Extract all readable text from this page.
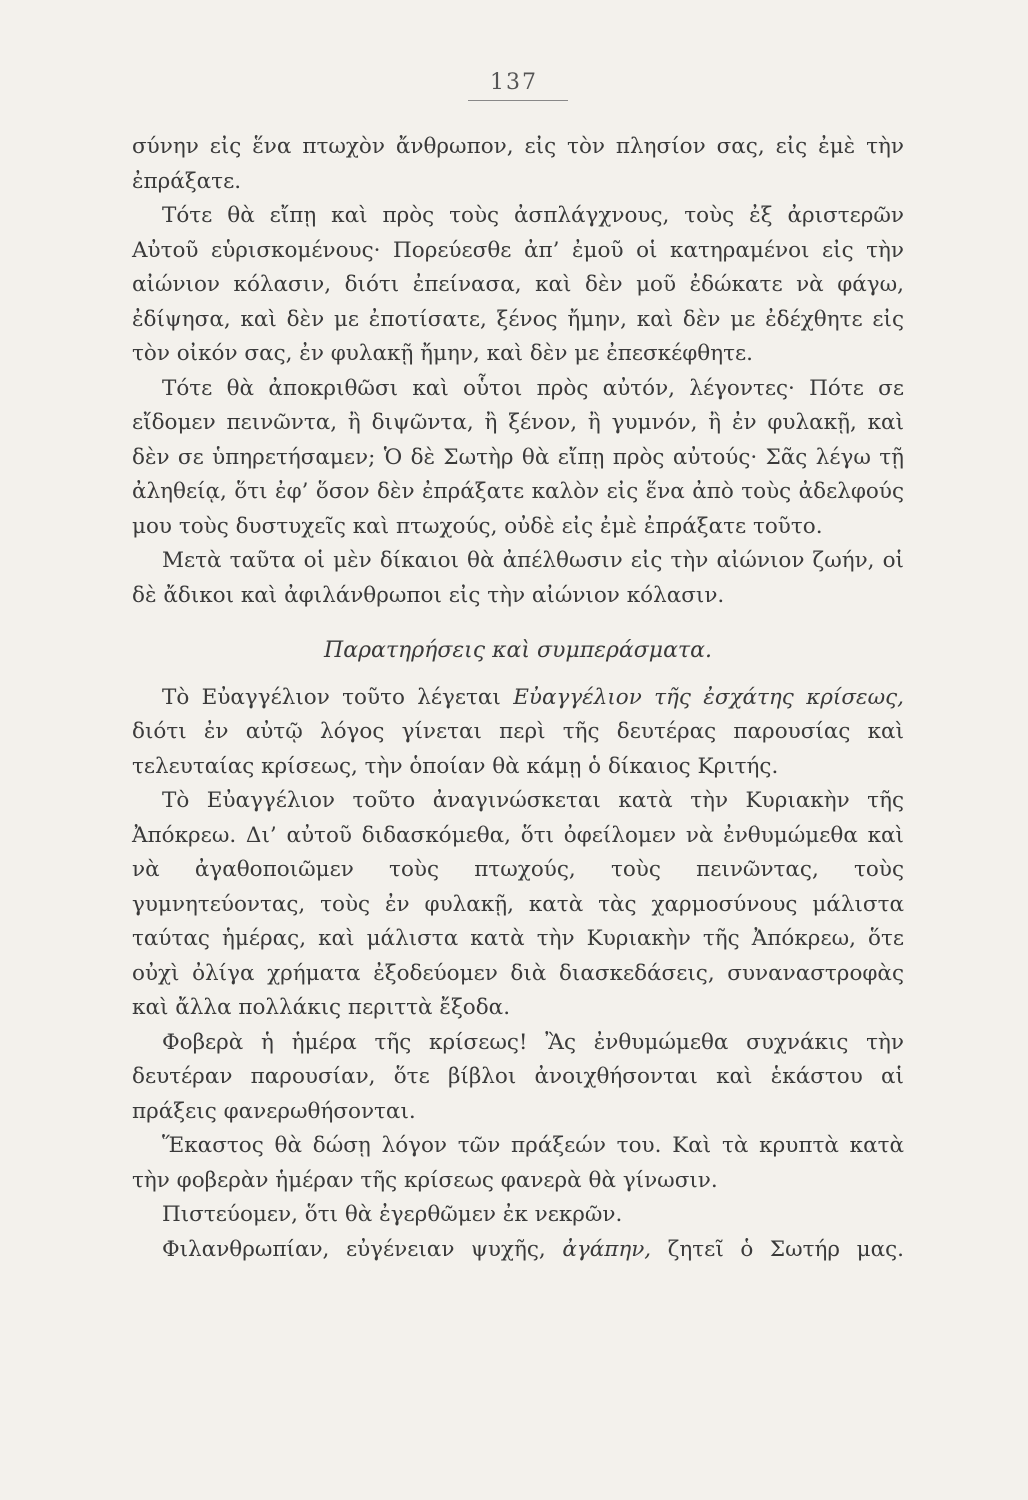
137

σύνην εἰς ἕνα πτωχὸν ἄνθρωπον, εἰς τὸν πλησίον σας, εἰς ἐμὲ τὴν ἐπράξατε.

Τότε θὰ εἴπῃ καὶ πρὸς τοὺς ἀσπλάγχνους, τοὺς ἐξ ἀριστερῶν Αὐτοῦ εὑρισκομένους· Πορεύεσθε ἀπ’ ἐμοῦ οἱ κατηραμένοι εἰς τὴν αἰώνιον κόλασιν, διότι ἐπείνασα, καὶ δὲν μοῦ ἐδώκατε νὰ φάγω, ἐδίψησα, καὶ δὲν με ἐποτίσατε, ξένος ἤμην, καὶ δὲν με ἐδέχθητε εἰς τὸν οἰκόν σας, ἐν φυλακῇ ἤμην, καὶ δὲν με ἐπεσκέφθητε.

Τότε θὰ ἀποκριθῶσι καὶ οὗτοι πρὸς αὐτόν, λέγοντες· Πότε σε εἴδομεν πεινῶντα, ἢ διψῶντα, ἢ ξένον, ἢ γυμνόν, ἢ ἐν φυλακῇ, καὶ δὲν σε ὑπηρετήσαμεν; Ὁ δὲ Σωτὴρ θὰ εἴπῃ πρὸς αὐτούς· Σᾶς λέγω τῇ ἀληθείᾳ, ὅτι ἐφ’ ὅσον δὲν ἐπράξατε καλὸν εἰς ἕνα ἀπὸ τοὺς ἀδελφούς μου τοὺς δυστυχεῖς καὶ πτωχούς, οὐδὲ εἰς ἐμὲ ἐπράξατε τοῦτο.

Μετὰ ταῦτα οἱ μὲν δίκαιοι θὰ ἀπέλθωσιν εἰς τὴν αἰώνιον ζωήν, οἱ δὲ ἄδικοι καὶ ἀφιλάνθρωποι εἰς τὴν αἰώνιον κόλασιν.

Παρατηρήσεις καὶ συμπεράσματα.

Τὸ Εὐαγγέλιον τοῦτο λέγεται Εὐαγγέλιον τῆς ἐσχάτης κρίσεως, διότι ἐν αὐτῷ λόγος γίνεται περὶ τῆς δευτέρας παρουσίας καὶ τελευταίας κρίσεως, τὴν ὁποίαν θὰ κάμῃ ὁ δίκαιος Κριτής.

Τὸ Εὐαγγέλιον τοῦτο ἀναγινώσκεται κατὰ τὴν Κυριακὴν τῆς Ἀπόκρεω. Δι’ αὐτοῦ διδασκόμεθα, ὅτι ὀφείλομεν νὰ ἐνθυμώμεθα καὶ νὰ ἀγαθοποιῶμεν τοὺς πτωχούς, τοὺς πεινῶντας, τοὺς γυμνητεύοντας, τοὺς ἐν φυλακῇ, κατὰ τὰς χαρμοσύνους μάλιστα ταύτας ἡμέρας, καὶ μάλιστα κατὰ τὴν Κυριακὴν τῆς Ἀπόκρεω, ὅτε οὐχὶ ὀλίγα χρήματα ἐξοδεύομεν διὰ διασκεδάσεις, συναναστροφὰς καὶ ἄλλα πολλάκις περιττὰ ἔξοδα.

Φοβερὰ ἡ ἡμέρα τῆς κρίσεως! Ἂς ἐνθυμώμεθα συχνάκις τὴν δευτέραν παρουσίαν, ὅτε βίβλοι ἀνοιχθήσονται καὶ ἑκάστου αἱ πράξεις φανερωθήσονται.

Ἕκαστος θὰ δώσῃ λόγον τῶν πράξεών του. Καὶ τὰ κρυπτὰ κατὰ τὴν φοβερὰν ἡμέραν τῆς κρίσεως φανερὰ θὰ γίνωσιν.

Πιστεύομεν, ὅτι θὰ ἐγερθῶμεν ἐκ νεκρῶν.

Φιλανθρωπίαν, εὐγένειαν ψυχῆς, ἀγάπην, ζητεῖ ὁ Σωτήρ μας.
